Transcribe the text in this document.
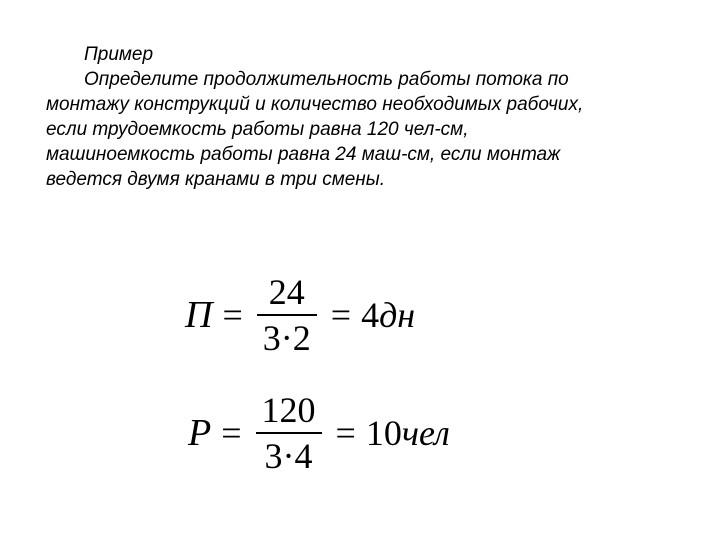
Пример
Определите продолжительность работы потока по
монтажу конструкций и количество необходимых рабочих,
если трудоемкость работы равна 120 чел-см,
машиноемкость работы равна 24 маш-см, если монтаж
ведется двумя кранами в три смены.
$П = \frac{24}{3\cdot 2} = 4$ дн
$Р = \frac{120}{3\cdot 4} = 10$ чел
